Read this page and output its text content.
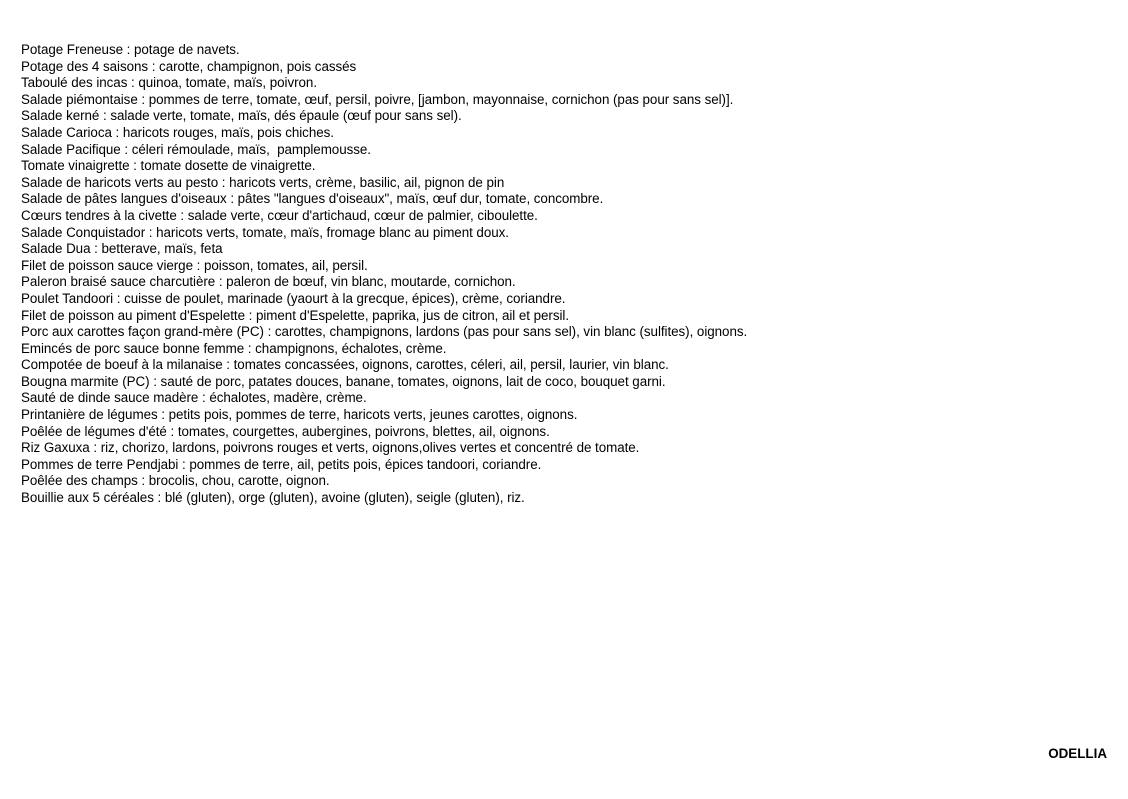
Potage Freneuse : potage de navets.
Potage des 4 saisons : carotte, champignon, pois cassés
Taboulé des incas : quinoa, tomate, maïs, poivron.
Salade piémontaise : pommes de terre, tomate, œuf, persil, poivre, [jambon, mayonnaise, cornichon (pas pour sans sel)].
Salade kerné : salade verte, tomate, maïs, dés épaule (œuf pour sans sel).
Salade Carioca : haricots rouges, maïs, pois chiches.
Salade Pacifique : céleri rémoulade, maïs,  pamplemousse.
Tomate vinaigrette : tomate dosette de vinaigrette.
Salade de haricots verts au pesto : haricots verts, crème, basilic, ail, pignon de pin
Salade de pâtes langues d'oiseaux : pâtes "langues d'oiseaux", maïs, œuf dur, tomate, concombre.
Cœurs tendres à la civette : salade verte, cœur d'artichaud, cœur de palmier, ciboulette.
Salade Conquistador : haricots verts, tomate, maïs, fromage blanc au piment doux.
Salade Dua : betterave, maïs, feta
Filet de poisson sauce vierge : poisson, tomates, ail, persil.
Paleron braisé sauce charcutière : paleron de bœuf, vin blanc, moutarde, cornichon.
Poulet Tandoori : cuisse de poulet, marinade (yaourt à la grecque, épices), crème, coriandre.
Filet de poisson au piment d'Espelette : piment d'Espelette, paprika, jus de citron, ail et persil.
Porc aux carottes façon grand-mère (PC) : carottes, champignons, lardons (pas pour sans sel), vin blanc (sulfites), oignons.
Emincés de porc sauce bonne femme : champignons, échalotes, crème.
Compotée de boeuf à la milanaise : tomates concassées, oignons, carottes, céleri, ail, persil, laurier, vin blanc.
Bougna marmite (PC) : sauté de porc, patates douces, banane, tomates, oignons, lait de coco, bouquet garni.
Sauté de dinde sauce madère : échalotes, madère, crème.
Printanière de légumes : petits pois, pommes de terre, haricots verts, jeunes carottes, oignons.
Poêlée de légumes d'été : tomates, courgettes, aubergines, poivrons, blettes, ail, oignons.
Riz Gaxuxa : riz, chorizo, lardons, poivrons rouges et verts, oignons,olives vertes et concentré de tomate.
Pommes de terre Pendjabi : pommes de terre, ail, petits pois, épices tandoori, coriandre.
Poêlée des champs : brocolis, chou, carotte, oignon.
Bouillie aux 5 céréales : blé (gluten), orge (gluten), avoine (gluten), seigle (gluten), riz.
ODELLIA
